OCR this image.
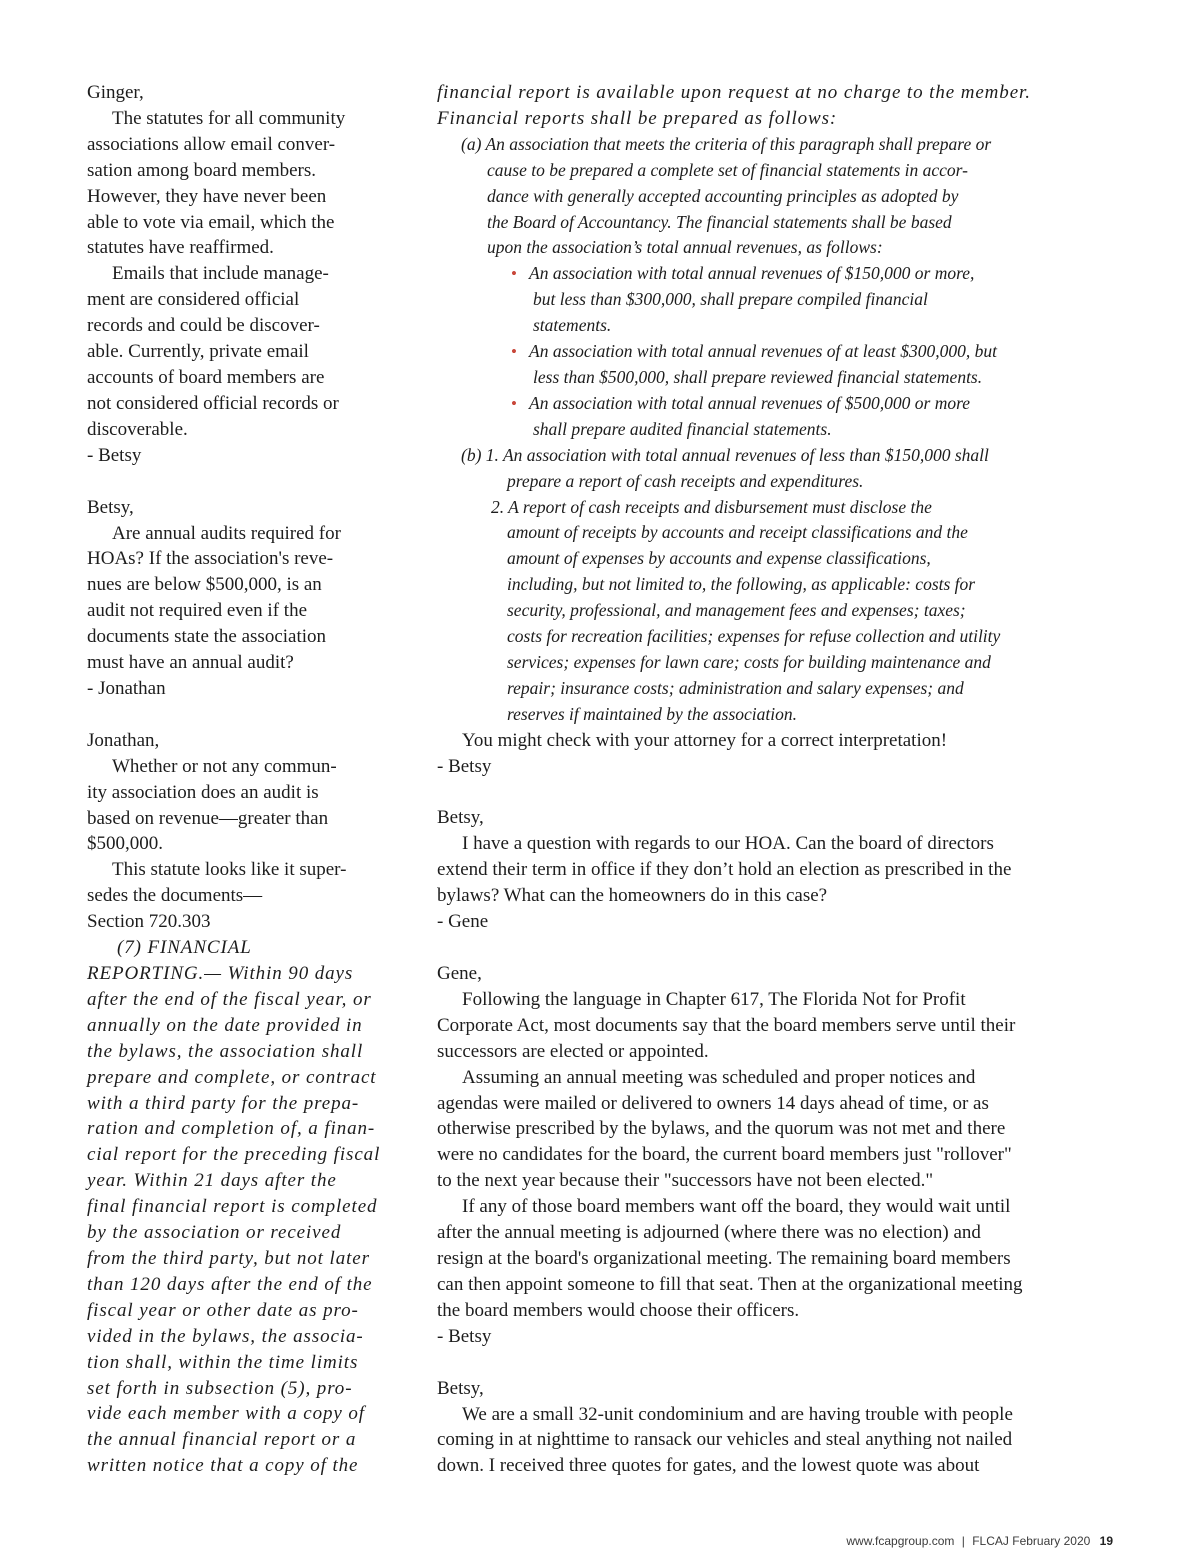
Ginger,

The statutes for all community

associations allow email conver-

sation among board members.

However, they have never been

able to vote via email, which the

statutes have reaffirmed.

Emails that include manage-

ment are considered official

records and could be discover-

able. Currently, private email

accounts of board members are

not considered official records or

discoverable.

- Betsy

Betsy,

Are annual audits required for

HOAs? If the association's reve-

nues are below $500,000, is an

audit not required even if the

documents state the association

must have an annual audit?

- Jonathan

Jonathan,

Whether or not any commun-

ity association does an audit is

based on revenue—greater than

$500,000.

This statute looks like it super-

sedes the documents—

Section 720.303

(7) FINANCIAL

REPORTING.— Within 90 days

after the end of the fiscal year, or

annually on the date provided in

the bylaws, the association shall

prepare and complete, or contract

with a third party for the prepa-

ration and completion of, a finan-

cial report for the preceding fiscal

year. Within 21 days after the

final financial report is completed

by the association or received

from the third party, but not later

than 120 days after the end of the

fiscal year or other date as pro-

vided in the bylaws, the associa-

tion shall, within the time limits

set forth in subsection (5), pro-

vide each member with a copy of

the annual financial report or a

written notice that a copy of the

financial report is available upon request at no charge to the member.

Financial reports shall be prepared as follows:

(a) An association that meets the criteria of this paragraph shall prepare or

cause to be prepared a complete set of financial statements in accor-

dance with generally accepted accounting principles as adopted by

the Board of Accountancy. The financial statements shall be based

upon the association’s total annual revenues, as follows:

• An association with total annual revenues of $150,000 or more,

but less than $300,000, shall prepare compiled financial

statements.

• An association with total annual revenues of at least $300,000, but

less than $500,000, shall prepare reviewed financial statements.

• An association with total annual revenues of $500,000 or more

shall prepare audited financial statements.

(b) 1. An association with total annual revenues of less than $150,000 shall

prepare a report of cash receipts and expenditures.

2. A report of cash receipts and disbursement must disclose the

amount of receipts by accounts and receipt classifications and the

amount of expenses by accounts and expense classifications,

including, but not limited to, the following, as applicable: costs for

security, professional, and management fees and expenses; taxes;

costs for recreation facilities; expenses for refuse collection and utility

services; expenses for lawn care; costs for building maintenance and

repair; insurance costs; administration and salary expenses; and

reserves if maintained by the association.

You might check with your attorney for a correct interpretation!

- Betsy

Betsy,

I have a question with regards to our HOA. Can the board of directors

extend their term in office if they don’t hold an election as prescribed in the

bylaws? What can the homeowners do in this case?

- Gene

Gene,

Following the language in Chapter 617, The Florida Not for Profit

Corporate Act, most documents say that the board members serve until their

successors are elected or appointed.

Assuming an annual meeting was scheduled and proper notices and

agendas were mailed or delivered to owners 14 days ahead of time, or as

otherwise prescribed by the bylaws, and the quorum was not met and there

were no candidates for the board, the current board members just "rollover"

to the next year because their "successors have not been elected."

If any of those board members want off the board, they would wait until

after the annual meeting is adjourned (where there was no election) and

resign at the board's organizational meeting. The remaining board members

can then appoint someone to fill that seat. Then at the organizational meeting

the board members would choose their officers.

- Betsy

Betsy,

We are a small 32-unit condominium and are having trouble with people

coming in at nighttime to ransack our vehicles and steal anything not nailed

down. I received three quotes for gates, and the lowest quote was about

www.fcapgroup.com | FLCAJ February 2020 19
